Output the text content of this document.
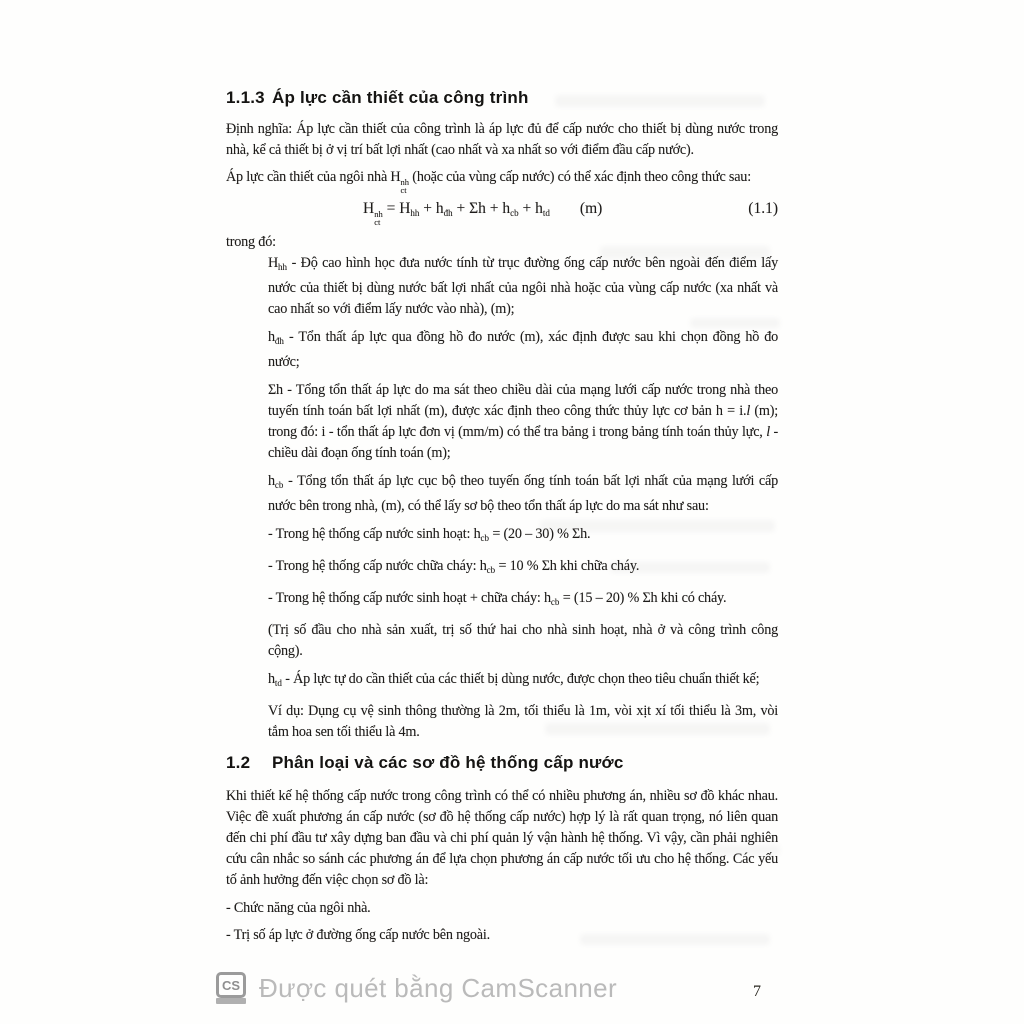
1.1.3 Áp lực cần thiết của công trình

Định nghĩa: Áp lực cần thiết của công trình là áp lực đủ để cấp nước cho thiết bị dùng nước trong nhà, kể cả thiết bị ở vị trí bất lợi nhất (cao nhất và xa nhất so với điểm đầu cấp nước).

Áp lực cần thiết của ngôi nhà H nh
ct
(hoặc của vùng cấp nước) có thể xác định theo công thức sau:

H nh
ct
= $H_{hh} + h_{đh} + \Sigma h + h_{cb} + h_{td}$ (m)	(1.1)

trong đó:

$H_{hh}$ - Độ cao hình học đưa nước tính từ trục đường ống cấp nước bên ngoài đến điểm lấy nước của thiết bị dùng nước bất lợi nhất của ngôi nhà hoặc của vùng cấp nước (xa nhất và cao nhất so với điểm lấy nước vào nhà), (m);

$h_{đh}$ - Tổn thất áp lực qua đồng hồ đo nước (m), xác định được sau khi chọn đồng hồ đo nước;

Σh - Tổng tổn thất áp lực do ma sát theo chiều dài của mạng lưới cấp nước trong nhà theo tuyến tính toán bất lợi nhất (m), được xác định theo công thức thủy lực cơ bản h = i.l (m); trong đó: i - tổn thất áp lực đơn vị (mm/m) có thể tra bảng i trong bảng tính toán thủy lực, l - chiều dài đoạn ống tính toán (m);

$h_{cb}$ - Tổng tổn thất áp lực cục bộ theo tuyến ống tính toán bất lợi nhất của mạng lưới cấp nước bên trong nhà, (m), có thể lấy sơ bộ theo tổn thất áp lực do ma sát như sau:

- Trong hệ thống cấp nước sinh hoạt: $h_{cb} = (20 - 30)$ % Σh.

- Trong hệ thống cấp nước chữa cháy: $h_{cb} = 10$ % Σh khi chữa cháy.

- Trong hệ thống cấp nước sinh hoạt + chữa cháy: $h_{cb} = (15 - 20)$ % Σh khi có cháy.

(Trị số đầu cho nhà sản xuất, trị số thứ hai cho nhà sinh hoạt, nhà ở và công trình công cộng).

$h_{td}$ - Áp lực tự do cần thiết của các thiết bị dùng nước, được chọn theo tiêu chuẩn thiết kế;

Ví dụ: Dụng cụ vệ sinh thông thường là 2m, tối thiểu là 1m, vòi xịt xí tối thiểu là 3m, vòi tắm hoa sen tối thiểu là 4m.

1.2	Phân loại và các sơ đồ hệ thống cấp nước

Khi thiết kế hệ thống cấp nước trong công trình có thể có nhiều phương án, nhiều sơ đồ khác nhau. Việc đề xuất phương án cấp nước (sơ đồ hệ thống cấp nước) hợp lý là rất quan trọng, nó liên quan đến chi phí đầu tư xây dựng ban đầu và chi phí quản lý vận hành hệ thống. Vì vậy, cần phải nghiên cứu cân nhắc so sánh các phương án để lựa chọn phương án cấp nước tối ưu cho hệ thống. Các yếu tố ảnh hưởng đến việc chọn sơ đồ là:

- Chức năng của ngôi nhà.

- Trị số áp lực ở đường ống cấp nước bên ngoài.

CS Được quét bằng CamScanner	7
